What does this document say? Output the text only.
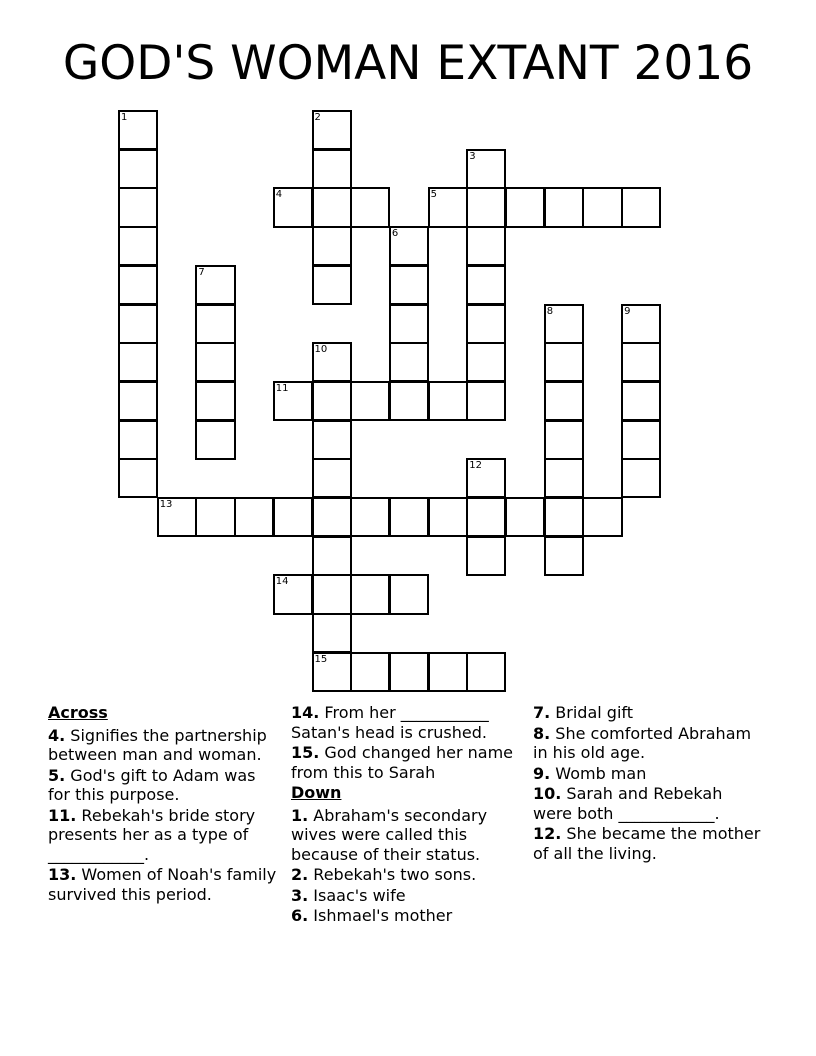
GOD'S WOMAN EXTANT 2016
1	2
3
4	5
6
7
8	9
10
11
12
13
14
15
Across
4. Signifies the partnership between man and woman.
5. God's gift to Adam was for this purpose.
11. Rebekah's bride story presents her as a type of ____________.
13. Women of Noah's family survived this period.
14. From her ___________ Satan's head is crushed.
15. God changed her name from this to Sarah
Down
1. Abraham's secondary wives were called this because of their status.
2. Rebekah's two sons.
3. Isaac's wife
6. Ishmael's mother
7. Bridal gift
8. She comforted Abraham in his old age.
9. Womb man
10. Sarah and Rebekah were both ____________.
12. She became the mother of all the living.
